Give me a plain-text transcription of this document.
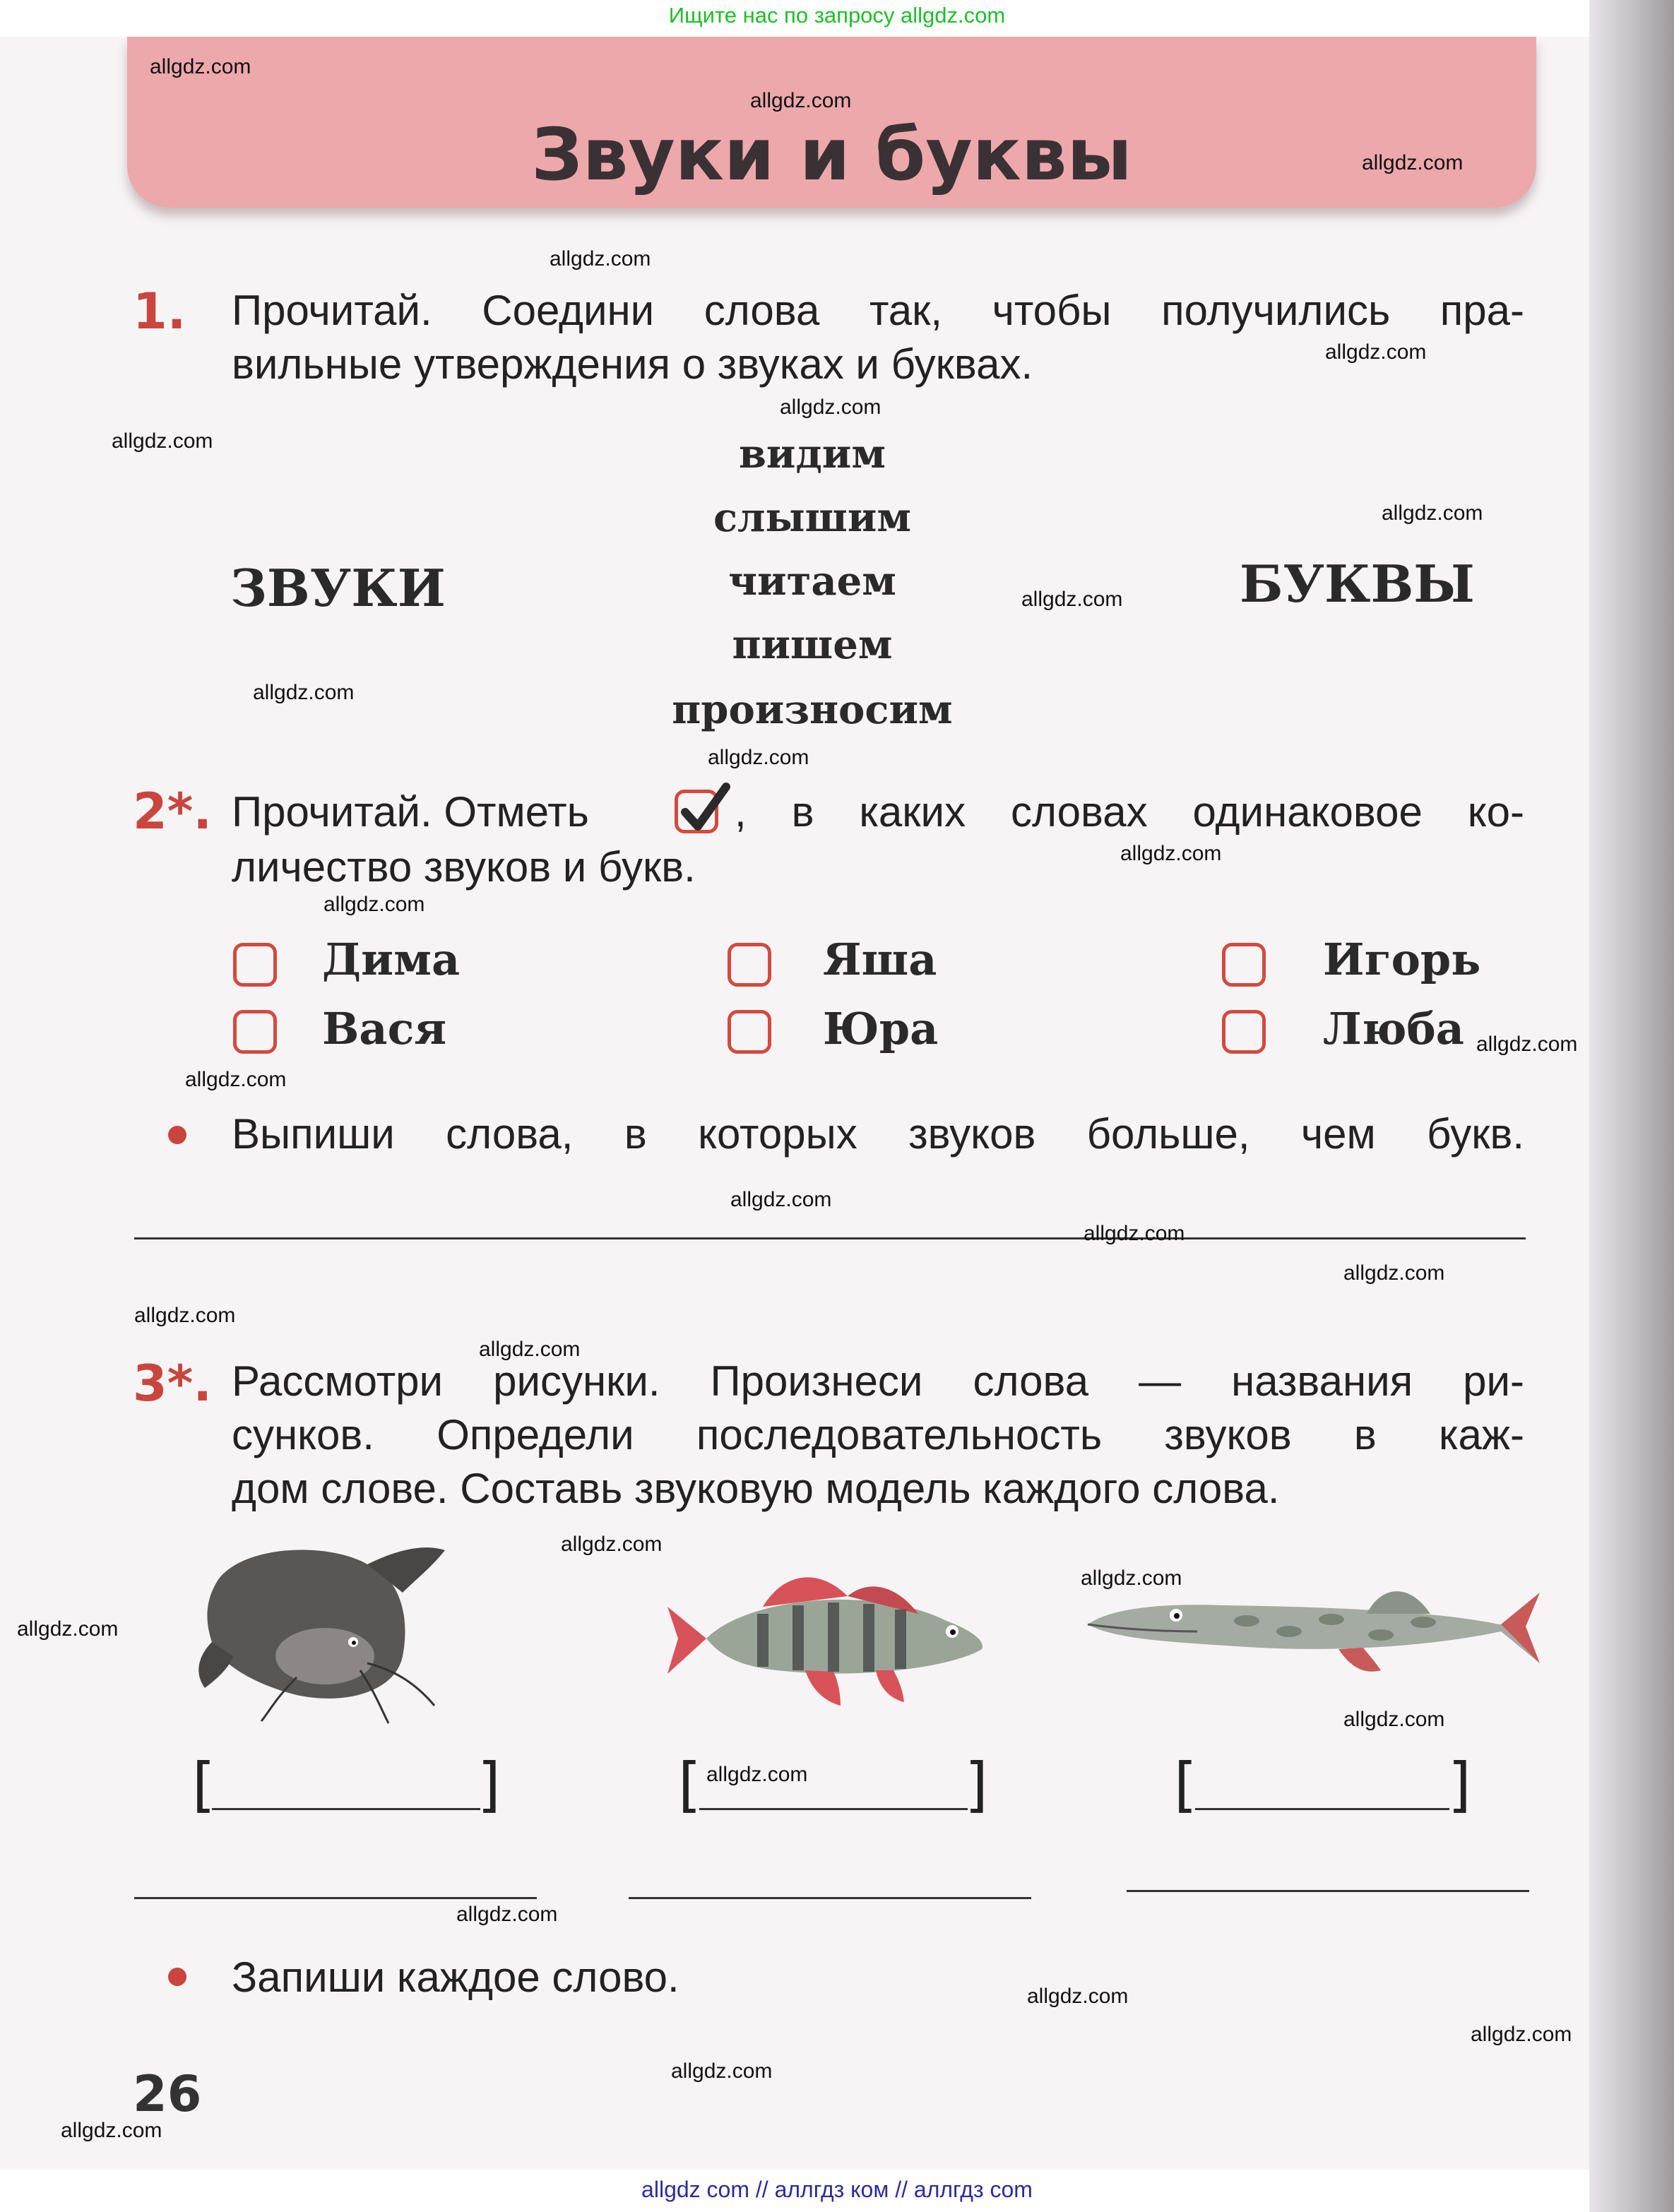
Ищите нас по запросу allgdz.com
Звуки и буквы
1. Прочитай. Соедини слова так, чтобы получились пра-
вильные утверждения о звуках и буквах.
ЗВУКИ	БУКВЫ
видим
слышим
читаем
пишем
произносим
2*. Прочитай. Отметь	, в каких словах одинаковое ко-
личество звуков и букв.
Дима
Вася
Яша
Юра
Игорь
Люба
Выпиши слова, в которых звуков больше, чем букв.
3*. Рассмотри рисунки. Произнеси слова — названия ри-
сунков. Определи последовательность звуков в каж-
дом слове. Составь звуковую модель каждого слова.
[	]	[	]	[	]
Запиши каждое слово.
26
allgdz.com
allgdz.com
allgdz.com
allgdz.com
allgdz.com
allgdz.com
allgdz.com
allgdz.com
allgdz.com
allgdz.com
allgdz.com
allgdz.com
allgdz.com
allgdz.com
allgdz.com
allgdz.com
allgdz.com
allgdz.com
allgdz.com
allgdz.com
allgdz.com
allgdz.com
allgdz.com
allgdz.com
allgdz.com
allgdz.com
allgdz.com
allgdz.com
allgdz.com
allgdz.com
allgdz com // аллгдз ком // аллгдз com
